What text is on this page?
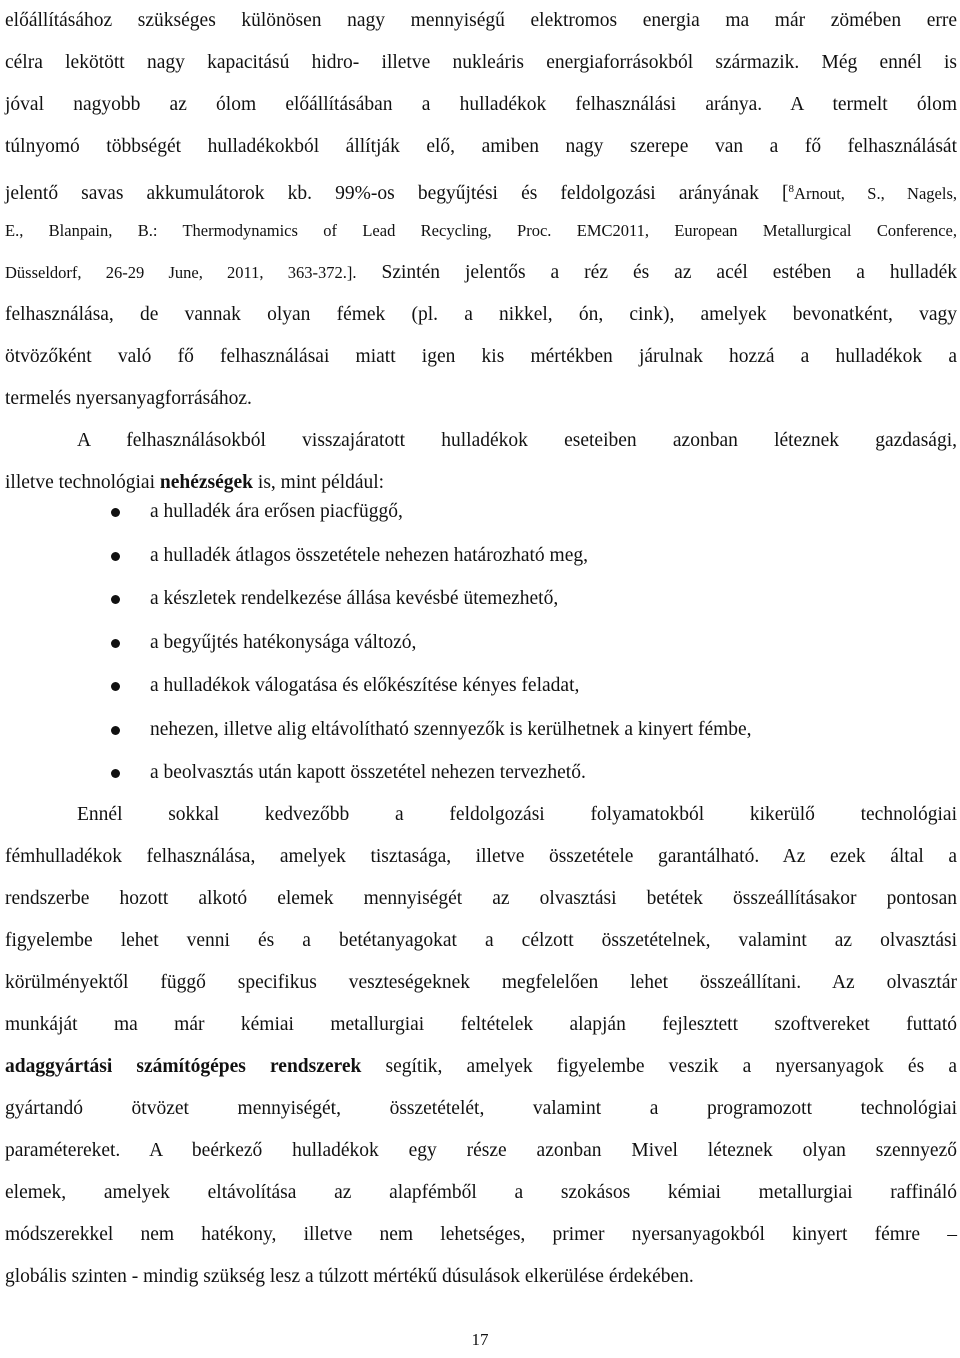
előállításához szükséges különösen nagy mennyiségű elektromos energia ma már zömében erre
célra lekötött nagy kapacitású hidro- illetve nukleáris energiaforrásokból származik. Még ennél is
jóval nagyobb az ólom előállításában a hulladékok felhasználási aránya. A termelt ólom
túlnyomó többségét hulladékokból állítják elő, amiben nagy szerepe van a fő felhasználását
jelentő savas akkumulátorok kb. 99%-os begyűjtési és feldolgozási arányának [$^8$Arnout, S., Nagels,
E., Blanpain, B.: Thermodynamics of Lead Recycling, Proc. EMC2011, European Metallurgical Conference,
Düsseldorf, 26-29 June, 2011, 363-372.]. Szintén jelentős a réz és az acél estében a hulladék
felhasználása, de vannak olyan fémek (pl. a nikkel, ón, cink), amelyek bevonatként, vagy
ötvözőként való fő felhasználásai miatt igen kis mértékben járulnak hozzá a hulladékok a
termelés nyersanyagforrásához.
A felhasználásokból visszajáratott hulladékok eseteiben azonban léteznek gazdasági,
illetve technológiai nehézségek is, mint például:
a hulladék ára erősen piacfüggő,
a hulladék átlagos összetétele nehezen határozható meg,
a készletek rendelkezése állása kevésbé ütemezhető,
a begyűjtés hatékonysága változó,
a hulladékok válogatása és előkészítése kényes feladat,
nehezen, illetve alig eltávolítható szennyezők is kerülhetnek a kinyert fémbe,
a beolvasztás után kapott összetétel nehezen tervezhető.
Ennél sokkal kedvezőbb a feldolgozási folyamatokból kikerülő technológiai
fémhulladékok felhasználása, amelyek tisztasága, illetve összetétele garantálható. Az ezek által a
rendszerbe hozott alkotó elemek mennyiségét az olvasztási betétek összeállításakor pontosan
figyelembe lehet venni és a betétanyagokat a célzott összetételnek, valamint az olvasztási
körülményektől függő specifikus veszteségeknek megfelelően lehet összeállítani. Az olvasztár
munkáját ma már kémiai metallurgiai feltételek alapján fejlesztett szoftvereket futtató
adaggyártási számítógépes rendszerek segítik, amelyek figyelembe veszik a nyersanyagok és a
gyártandó ötvözet mennyiségét, összetételét, valamint a programozott technológiai
paramétereket. A beérkező hulladékok egy része azonban Mivel léteznek olyan szennyező
elemek, amelyek eltávolítása az alapfémből a szokásos kémiai metallurgiai raffináló
módszerekkel nem hatékony, illetve nem lehetséges, primer nyersanyagokból kinyert fémre –
globális szinten - mindig szükség lesz a túlzott mértékű dúsulások elkerülése érdekében.
17
